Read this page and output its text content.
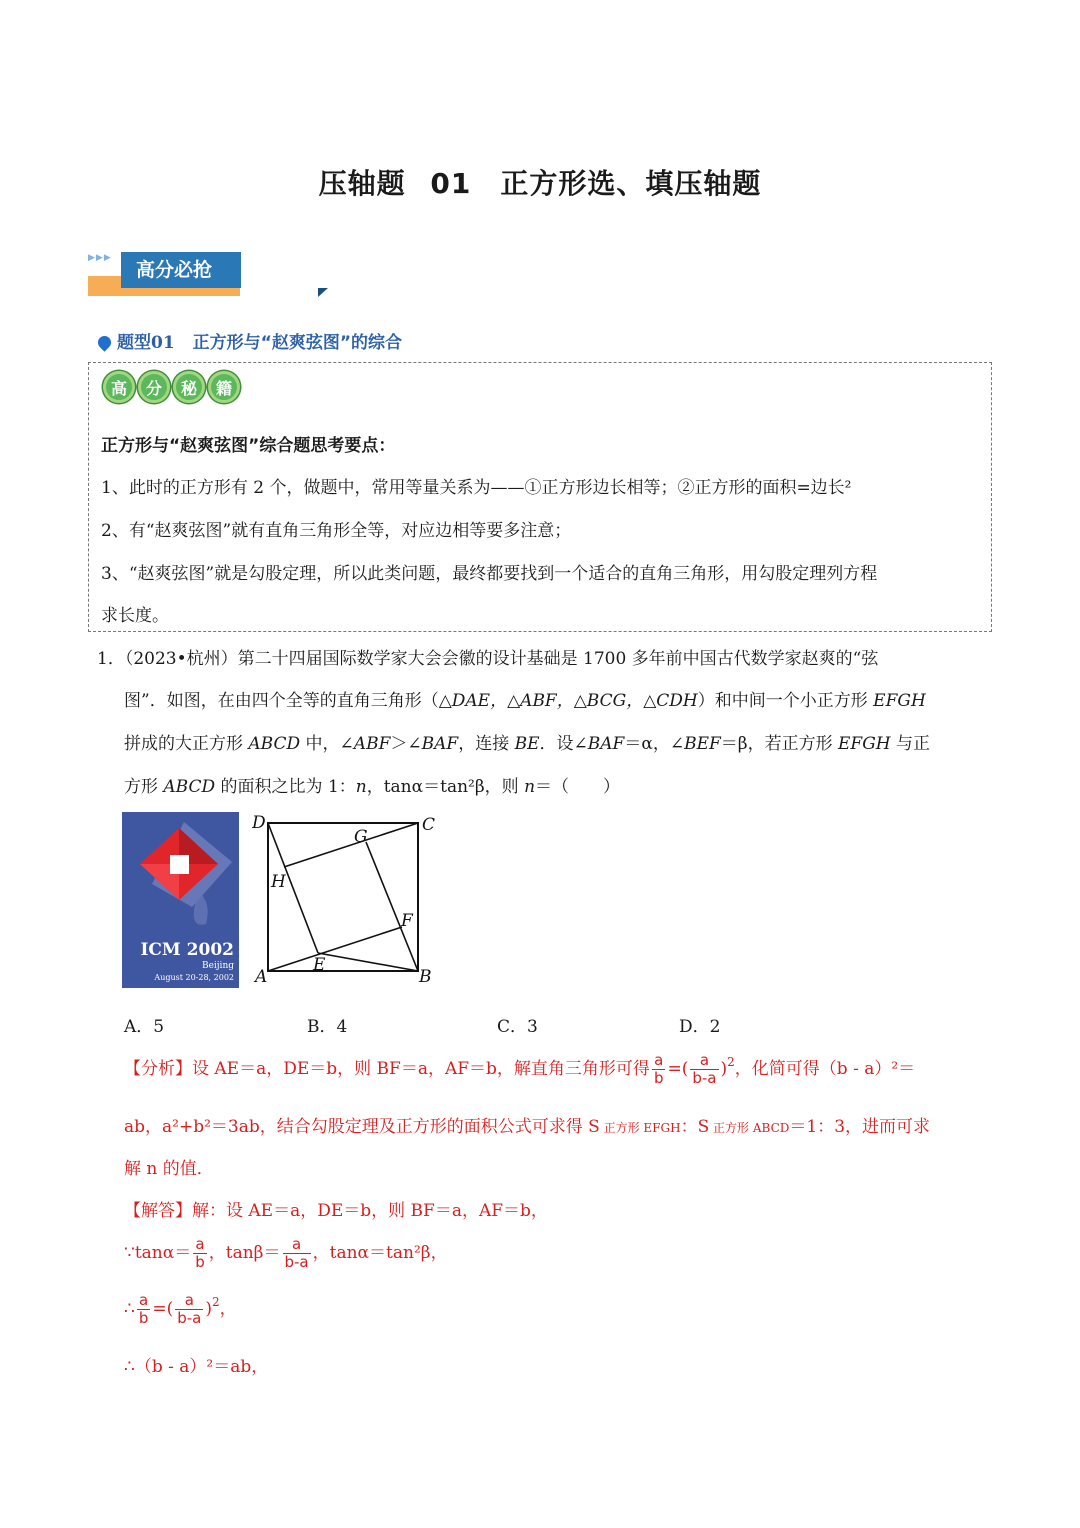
压轴题 01　正方形选、填压轴题
▶▶▶
高分必抢
题型01 正方形与“赵爽弦图”的综合
高	分	秘	籍
正方形与“赵爽弦图”综合题思考要点：
1、此时的正方形有 2 个，做题中，常用等量关系为——①正方形边长相等；②正方形的面积=边长²
2、有“赵爽弦图”就有直角三角形全等，对应边相等要多注意；
3、“赵爽弦图”就是勾股定理，所以此类问题，最终都要找到一个适合的直角三角形，用勾股定理列方程
求长度。
1．（2023•杭州）第二十四届国际数学家大会会徽的设计基础是 1700 多年前中国古代数学家赵爽的“弦
图”．如图，在由四个全等的直角三角形（△DAE，△ABF，△BCG，△CDH）和中间一个小正方形 EFGH
拼成的大正方形 ABCD 中，∠ABF＞∠BAF，连接 BE．设∠BAF＝α，∠BEF＝β，若正方形 EFGH 与正
方形 ABCD 的面积之比为 1：n，tanα＝tan²β，则 n＝（　　）
ICM 2002
Beijing
August 20-28, 2002
D	C
G
H
F
E
A	B
A．5	B．4	C．3	D．2
【分析】设 AE＝a，DE＝b，则 BF＝a，AF＝b，解直角三角形可得 $\frac{a}{b}$ =( $\frac{a}{b-a} )^2$，化简可得（b - a）²＝
ab，a²+b²＝3ab，结合勾股定理及正方形的面积公式可求得 S 正方形 EFGH：S 正方形 ABCD＝1：3，进而可求
解 n 的值．
【解答】解：设 AE＝a，DE＝b，则 BF＝a，AF＝b，
∵tanα＝ $\frac{a}{b}$ ，$\tan\beta= \frac{a}{b-a}$ ，tanα＝tan²β，
∴ $\frac{a}{b}$ =( $\frac{a}{b-a} )^2$，
∴（b - a）²＝ab，
